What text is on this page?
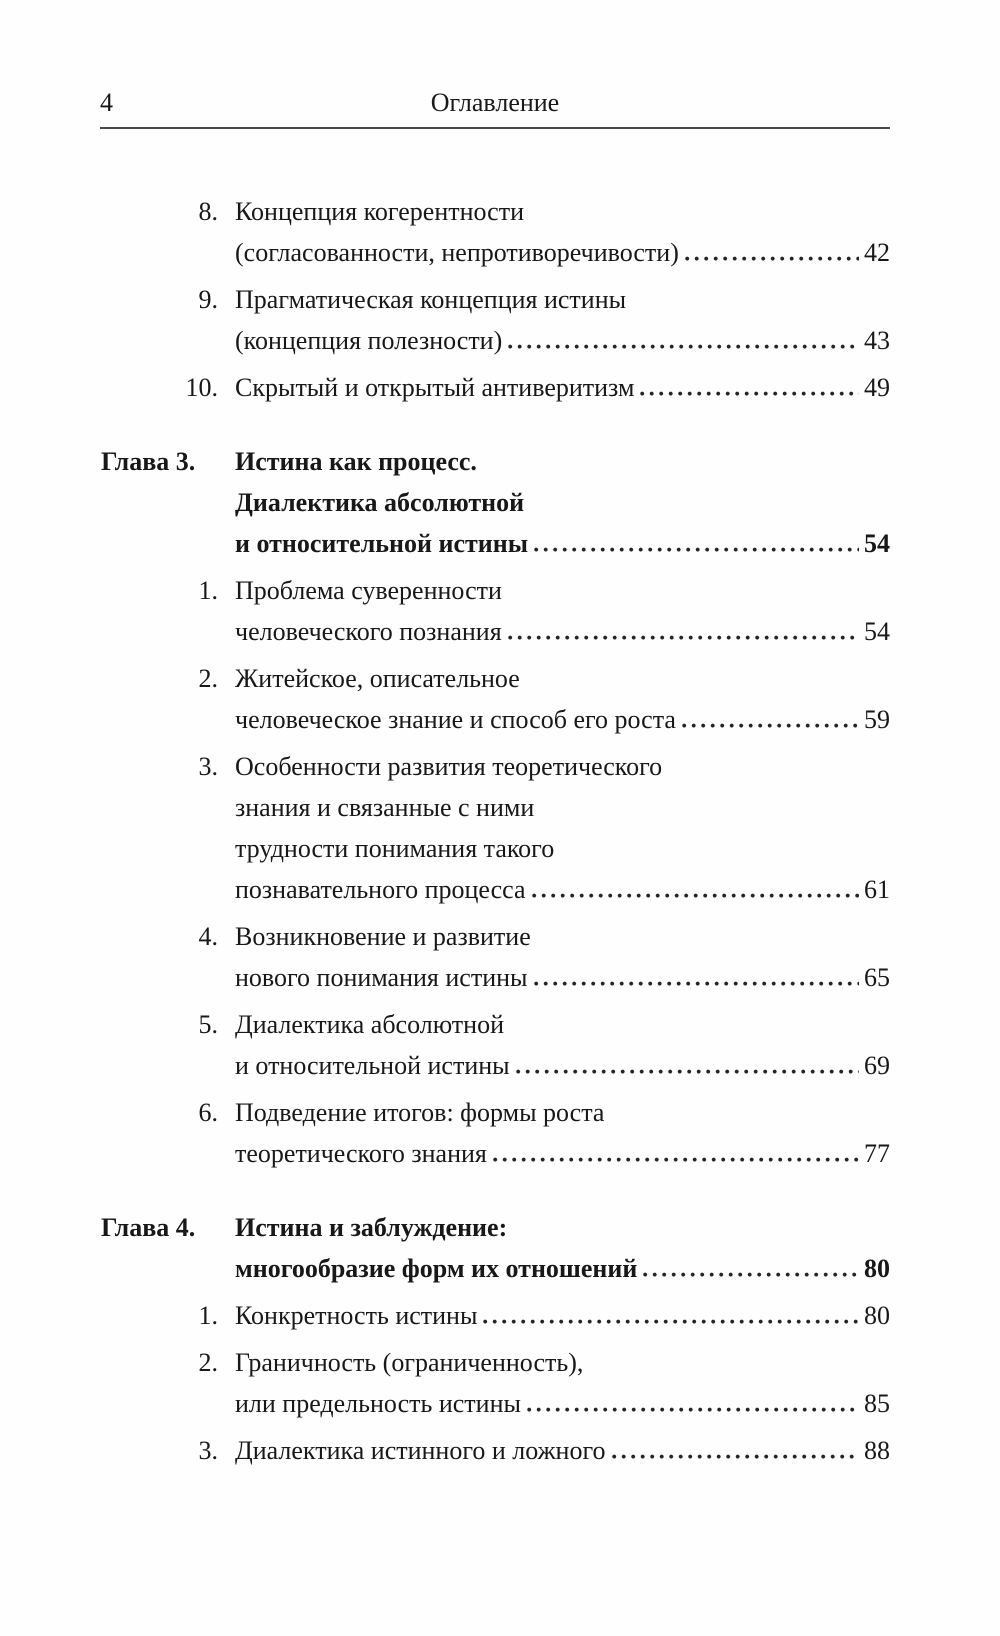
4	Оглавление
8. Концепция когерентности
(согласованности, непротиворечивости)	42
9. Прагматическая концепция истины
(концепция полезности)	43
10. Скрытый и открытый антиверитизм	49
Глава 3.	Истина как процесс.
Диалектика абсолютной
и относительной истины	54
1. Проблема суверенности
человеческого познания	54
2. Житейское, описательное
человеческое знание и способ его роста	59
3. Особенности развития теоретического
знания и связанные с ними
трудности понимания такого
познавательного процесса	61
4. Возникновение и развитие
нового понимания истины	65
5. Диалектика абсолютной
и относительной истины	69
6. Подведение итогов: формы роста
теоретического знания	77
Глава 4.	Истина и заблуждение:
многообразие форм их отношений	80
1. Конкретность истины	80
2. Граничность (ограниченность),
или предельность истины	85
3. Диалектика истинного и ложного	88
